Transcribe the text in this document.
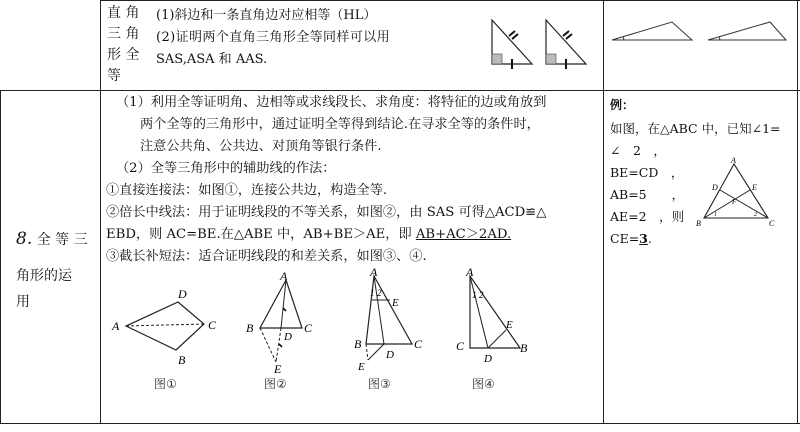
直 角
三 角
形 全
等
(1)斜边和一条直角边对应相等（HL）
(2)证明两个直角三角形全等同样可以用
SAS,ASA 和 AAS.
8. 全 等 三
角形的运
用
（1）利用全等证明角、边相等或求线段长、求角度：将特征的边或角放到
两个全等的三角形中，通过证明全等得到结论.在寻求全等的条件时，
注意公共角、公共边、对顶角等银行条件.
（2）全等三角形中的辅助线的作法：
①直接连接法：如图①，连接公共边，构造全等.
②倍长中线法：用于证明线段的不等关系，如图②，由 SAS 可得△ACD≌△
EBD，则 AC=BE.在△ABE 中，AB+BE＞AE，即 AB+AC＞2AD.
③截长补短法：适合证明线段的和差关系，如图③、④.
A
D
C
B
图①
A
B	C
D
E
图②
A
1 2
E
B	C
D
E
图③
A
1 2
E
C	B
D
图④
例：
如图，在△ABC 中，已知∠1=
∠　2　，
BE=CD　，
AB=5　　，
AE=2　，则
CE=3.
A
D	E
F
1	2
B	C
